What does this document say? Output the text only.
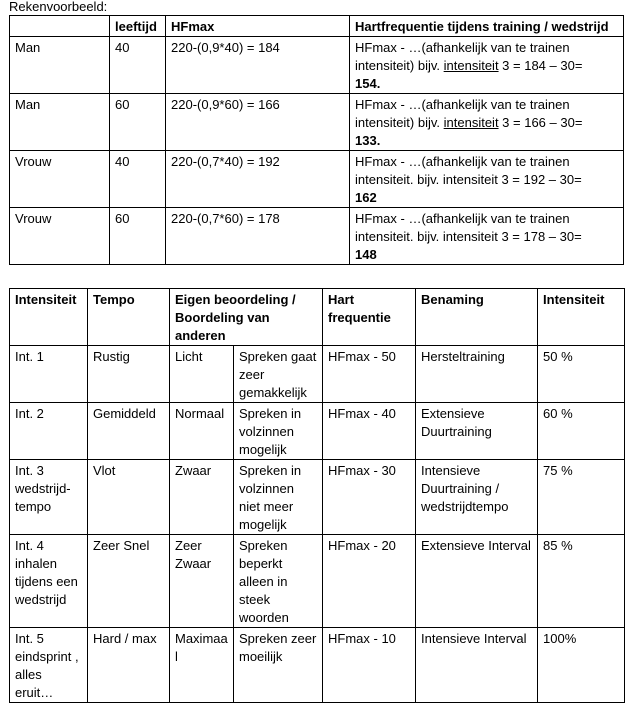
Rekenvoorbeeld:
	leeftijd	HFmax	Hartfrequentie tijdens training / wedstrijd
Man	40	220-(0,9*40) = 184	HFmax - …(afhankelijk van te trainen intensiteit) bijv. intensiteit 3 = 184 – 30=
154.
Man	60	220-(0,9*60) = 166	HFmax - …(afhankelijk van te trainen intensiteit) bijv. intensiteit 3 = 166 – 30=
133.
Vrouw	40	220-(0,7*40) = 192	HFmax - …(afhankelijk van te trainen intensiteit. bijv. intensiteit 3 = 192 – 30=
162
Vrouw	60	220-(0,7*60) = 178	HFmax - …(afhankelijk van te trainen intensiteit. bijv. intensiteit 3 = 178 – 30=
148
Intensiteit	Tempo	Eigen beoordeling / Boordeling van anderen		Hart frequentie	Benaming	Intensiteit
Int. 1	Rustig	Licht	Spreken gaat zeer gemakkelijk	HFmax - 50	Hersteltraining	50 %
Int. 2	Gemiddeld	Normaal	Spreken in volzinnen mogelijk	HFmax - 40	Extensieve Duurtraining	60 %
Int. 3 wedstrijd-tempo	Vlot	Zwaar	Spreken in volzinnen niet meer mogelijk	HFmax - 30	Intensieve Duurtraining / wedstrijdtempo	75 %
Int. 4 inhalen tijdens een wedstrijd	Zeer Snel	Zeer Zwaar	Spreken beperkt alleen in steek woorden	HFmax - 20	Extensieve Interval	85 %
Int. 5 eindsprint , alles eruit…	Hard / max	Maximaal	Spreken zeer moeilijk	HFmax - 10	Intensieve Interval	100%
